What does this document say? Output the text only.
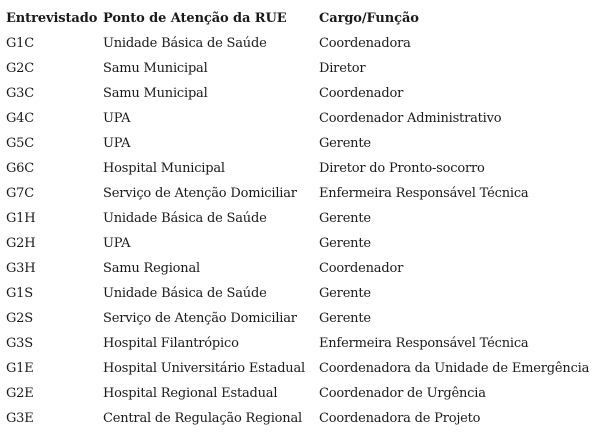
Entrevistado	Ponto de Atenção da RUE	Cargo/Função
G1C	Unidade Básica de Saúde	Coordenadora
G2C	Samu Municipal	Diretor
G3C	Samu Municipal	Coordenador
G4C	UPA	Coordenador Administrativo
G5C	UPA	Gerente
G6C	Hospital Municipal	Diretor do Pronto-socorro
G7C	Serviço de Atenção Domiciliar	Enfermeira Responsável Técnica
G1H	Unidade Básica de Saúde	Gerente
G2H	UPA	Gerente
G3H	Samu Regional	Coordenador
G1S	Unidade Básica de Saúde	Gerente
G2S	Serviço de Atenção Domiciliar	Gerente
G3S	Hospital Filantrópico	Enfermeira Responsável Técnica
G1E	Hospital Universitário Estadual	Coordenadora da Unidade de Emergência
G2E	Hospital Regional Estadual	Coordenador de Urgência
G3E	Central de Regulação Regional	Coordenadora de Projeto
